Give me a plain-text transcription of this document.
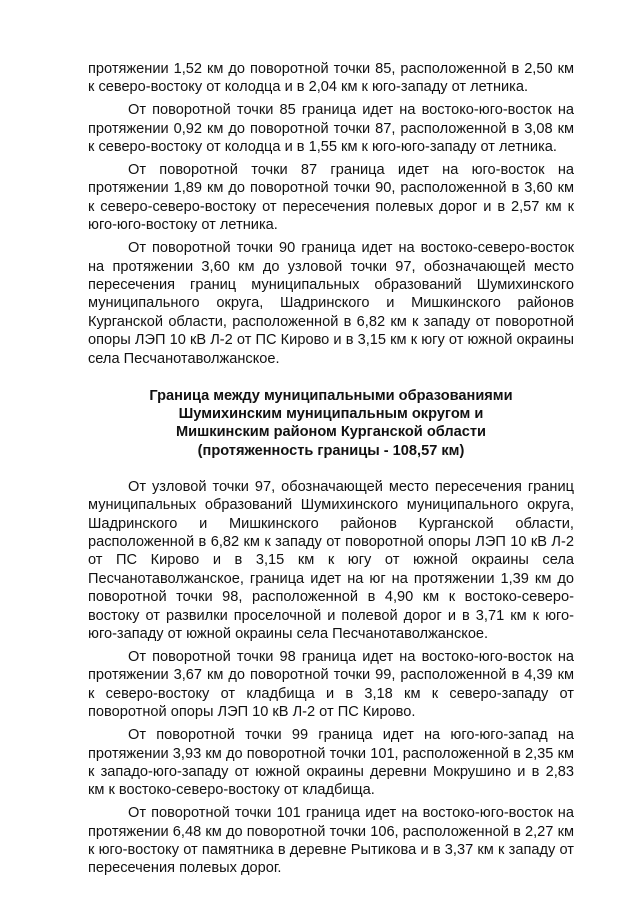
протяжении 1,52 км до поворотной точки 85, расположенной в 2,50 км к северо-востоку от колодца и в 2,04 км к юго-западу от летника.

От поворотной точки 85 граница идет на востоко-юго-восток на протяжении 0,92 км до поворотной точки 87, расположенной в 3,08 км к северо-востоку от колодца и в 1,55 км к юго-юго-западу от летника.

От поворотной точки 87 граница идет на юго-восток на протяжении 1,89 км до поворотной точки 90, расположенной в 3,60 км к северо-северо-востоку от пересечения полевых дорог и в 2,57 км к юго-юго-востоку от летника.

От поворотной точки 90 граница идет на востоко-северо-восток на протяжении 3,60 км до узловой точки 97, обозначающей место пересечения границ муниципальных образований Шумихинского муниципального округа, Шадринского и Мишкинского районов Курганской области, расположенной в 6,82 км к западу от поворотной опоры ЛЭП 10 кВ Л-2 от ПС Кирово и в 3,15 км к югу от южной окраины села Песчанотаволжанское.

Граница между муниципальными образованиями
Шумихинским муниципальным округом и
Мишкинским районом Курганской области
(протяженность границы - 108,57 км)

От узловой точки 97, обозначающей место пересечения границ муниципальных образований Шумихинского муниципального округа, Шадринского и Мишкинского районов Курганской области, расположенной в 6,82 км к западу от поворотной опоры ЛЭП 10 кВ Л-2 от ПС Кирово и в 3,15 км к югу от южной окраины села Песчанотаволжанское, граница идет на юг на протяжении 1,39 км до поворотной точки 98, расположенной в 4,90 км к востоко-северо-востоку от развилки проселочной и полевой дорог и в 3,71 км к юго-юго-западу от южной окраины села Песчанотаволжанское.

От поворотной точки 98 граница идет на востоко-юго-восток на протяжении 3,67 км до поворотной точки 99, расположенной в 4,39 км к северо-востоку от кладбища и в 3,18 км к северо-западу от поворотной опоры ЛЭП 10 кВ Л-2 от ПС Кирово.

От поворотной точки 99 граница идет на юго-юго-запад на протяжении 3,93 км до поворотной точки 101, расположенной в 2,35 км к западо-юго-западу от южной окраины деревни Мокрушино и в 2,83 км к востоко-северо-востоку от кладбища.

От поворотной точки 101 граница идет на востоко-юго-восток на протяжении 6,48 км до поворотной точки 106, расположенной в 2,27 км к юго-востоку от памятника в деревне Рытикова и в 3,37 км к западу от пересечения полевых дорог.
